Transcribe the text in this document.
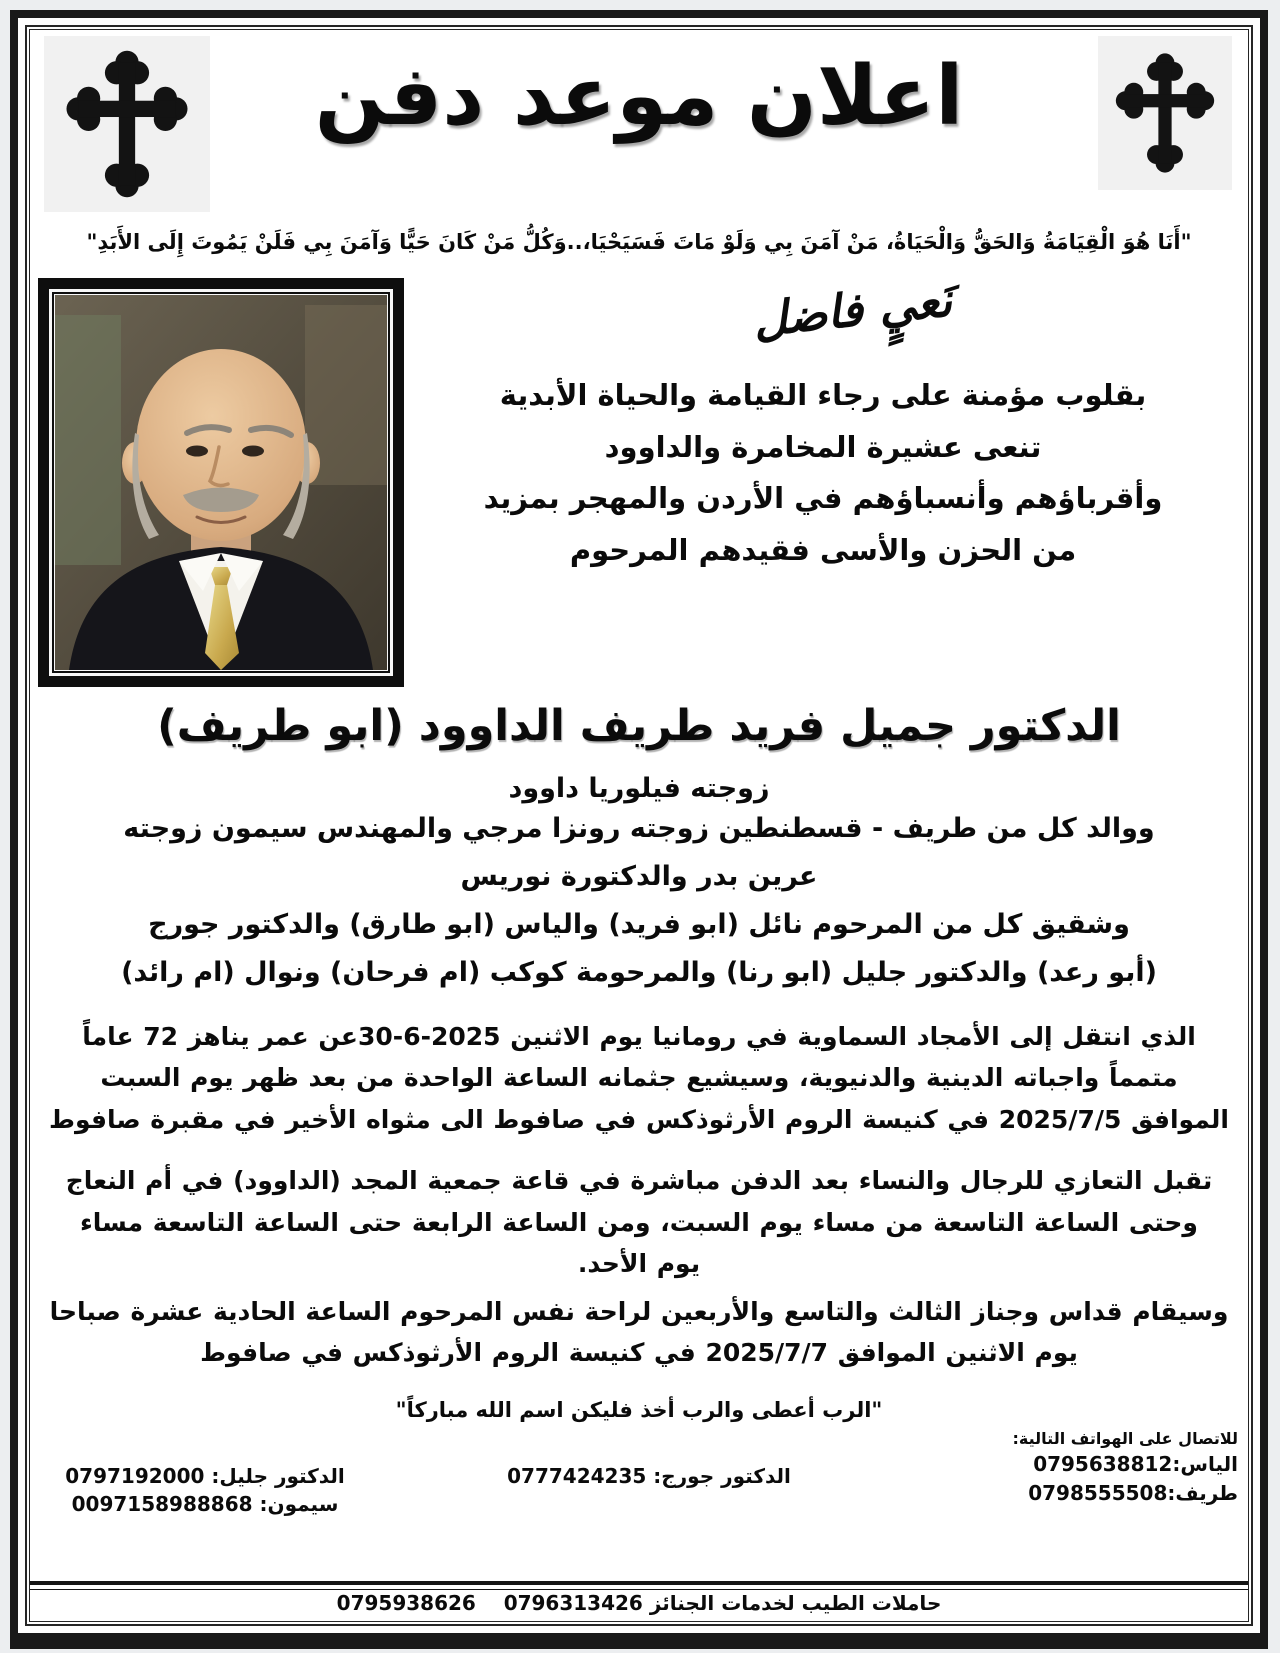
اعلان موعد دفن
"أَنَا هُوَ الْقِيَامَةُ وَالحَقُّ وَالْحَيَاةُ، مَنْ آمَنَ بِي وَلَوْ مَاتَ فَسَيَحْيَا،..وَكُلُّ مَنْ كَانَ حَيًّا وَآمَنَ بِي فَلَنْ يَمُوتَ إِلَى الأَبَدِ"
نَعيٍ فاضل
بقلوب مؤمنة على رجاء القيامة والحياة الأبدية
تنعى عشيرة المخامرة والداوود
وأقرباؤهم وأنسباؤهم في الأردن والمهجر بمزيد
من الحزن والأسى فقيدهم المرحوم
الدكتور جميل فريد طريف الداوود (ابو طريف)
زوجته فيلوريا داوود
ووالد كل من طريف - قسطنطين زوجته رونزا مرجي والمهندس سيمون زوجته
عرين بدر والدكتورة نوريس
وشقيق كل من المرحوم نائل (ابو فريد) والياس (ابو طارق) والدكتور جورج
(أبو رعد) والدكتور جليل (ابو رنا) والمرحومة كوكب (ام فرحان) ونوال (ام رائد)
الذي انتقل إلى الأمجاد السماوية في رومانيا يوم الاثنين 2025-6-30عن عمر يناهز 72 عاماً
متمماً واجباته الدينية والدنيوية، وسيشيع جثمانه الساعة الواحدة من بعد ظهر يوم السبت
الموافق 2025/7/5 في كنيسة الروم الأرثوذكس في صافوط الى مثواه الأخير في مقبرة صافوط
تقبل التعازي للرجال والنساء بعد الدفن مباشرة في قاعة جمعية المجد (الداوود) في أم النعاج
وحتى الساعة التاسعة من مساء يوم السبت، ومن الساعة الرابعة حتى الساعة التاسعة مساء
يوم الأحد.
وسيقام قداس وجناز الثالث والتاسع والأربعين لراحة نفس المرحوم الساعة الحادية عشرة صباحا
يوم الاثنين الموافق 2025/7/7 في كنيسة الروم الأرثوذكس في صافوط
"الرب أعطى والرب أخذ فليكن اسم الله مباركاً"
للاتصال على الهواتف التالية:
الياس:0795638812
طريف:0798555508
الدكتور جورج: 0777424235
الدكتور جليل: 0797192000
سيمون: 0097158988868
حاملات الطيب لخدمات الجنائز 0796313426    0795938626
